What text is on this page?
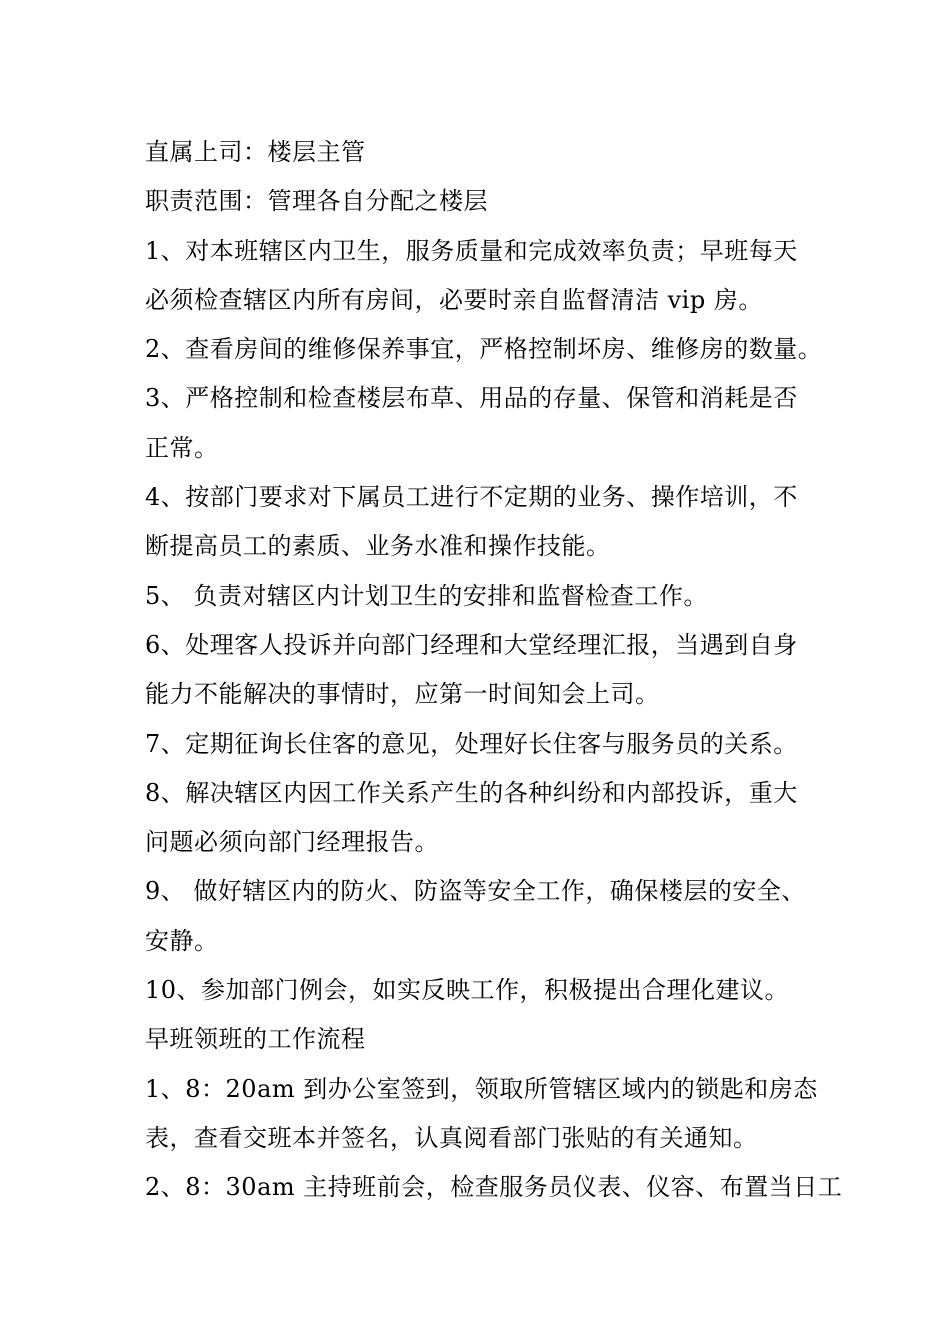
直属上司：楼层主管
职责范围：管理各自分配之楼层
1、对本班辖区内卫生，服务质量和完成效率负责；早班每天
必须检查辖区内所有房间，必要时亲自监督清洁 vip 房。
2、查看房间的维修保养事宜，严格控制坏房、维修房的数量。
3、严格控制和检查楼层布草、用品的存量、保管和消耗是否
正常。
4、按部门要求对下属员工进行不定期的业务、操作培训，不
断提高员工的素质、业务水准和操作技能。
5、 负责对辖区内计划卫生的安排和监督检查工作。
6、处理客人投诉并向部门经理和大堂经理汇报，当遇到自身
能力不能解决的事情时，应第一时间知会上司。
7、定期征询长住客的意见，处理好长住客与服务员的关系。
8、解决辖区内因工作关系产生的各种纠纷和内部投诉，重大
问题必须向部门经理报告。
9、 做好辖区内的防火、防盗等安全工作，确保楼层的安全、
安静。
10、参加部门例会，如实反映工作，积极提出合理化建议。
早班领班的工作流程
1、8：20am 到办公室签到，领取所管辖区域内的锁匙和房态
表，查看交班本并签名，认真阅看部门张贴的有关通知。
2、8：30am 主持班前会，检查服务员仪表、仪容、布置当日工
